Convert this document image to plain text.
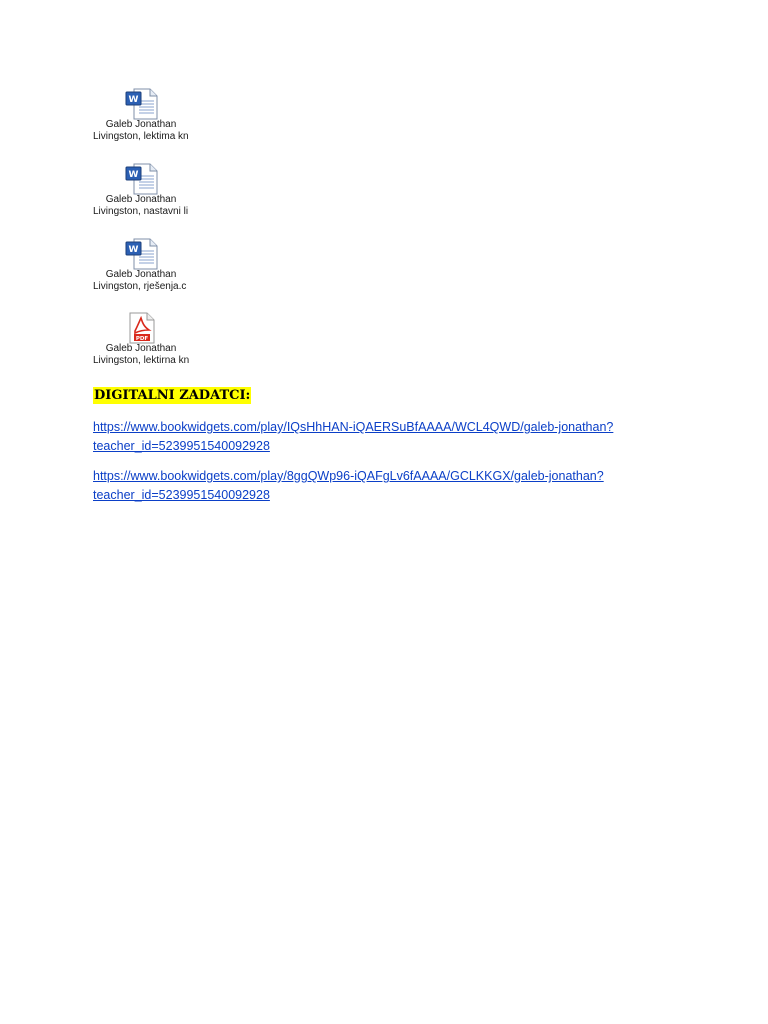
W
Galeb Jonathan
Livingston, lektima kn
W
Galeb Jonathan
Livingston, nastavni li
W
Galeb Jonathan
Livingston, rješenja.c
PDF
Galeb Jonathan
Livingston, lektirna kn
DIGITALNI ZADATCI:
https://www.bookwidgets.com/play/IQsHhHAN-iQAERSuBfAAAA/WCL4QWD/galeb-jonathan?
teacher_id=5239951540092928
https://www.bookwidgets.com/play/8ggQWp96-iQAFgLv6fAAAA/GCLKKGX/galeb-jonathan?
teacher_id=5239951540092928
